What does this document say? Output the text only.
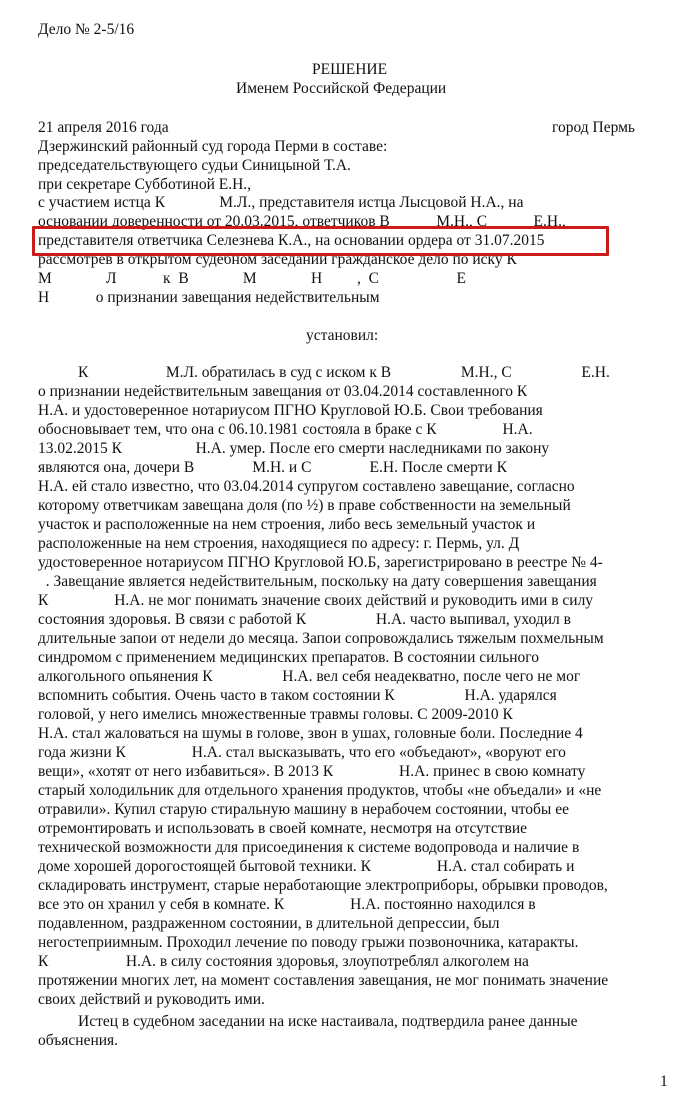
Дело № 2-5/16
РЕШЕНИЕ
Именем Российской Федерации
21 апреля 2016 года	город Пермь
Дзержинский районный суд города Перми в составе:
председательствующего судьи Синицыной Т.А.
при секретаре Субботиной Е.Н.,
с участием истца К              М.Л., представителя истца Лысцовой Н.А., на
основании доверенности от 20.03.2015, ответчиков В            М.Н., С            Е.Н.,
представителя ответчика Селезнева К.А., на основании ордера от 31.07.2015
рассмотрев в открытом судебном заседании гражданское дело по иску К
М              Л            к  В              М              Н         ,  С                    Е
Н            о признании завещания недействительным
установил:
К                    М.Л. обратилась в суд с иском к В                  М.Н., С                  Е.Н.
о признании недействительным завещания от 03.04.2014 составленного К
Н.А. и удостоверенное нотариусом ПГНО Кругловой Ю.Б. Свои требования
обосновывает тем, что она с 06.10.1981 состояла в браке с К                 Н.А.
13.02.2015 К                   Н.А. умер. После его смерти наследниками по закону
являются она, дочери В               М.Н. и С               Е.Н. После смерти К
Н.А. ей стало известно, что 03.04.2014 супругом составлено завещание, согласно
которому ответчикам завещана доля (по ½) в праве собственности на земельный
участок и расположенные на нем строения, либо весь земельный участок и
расположенные на нем строения, находящиеся по адресу: г. Пермь, ул. Д
удостоверенное нотариусом ПГНО Кругловой Ю.Б, зарегистрировано в реестре № 4-
. Завещание является недействительным, поскольку на дату совершения завещания
К                 Н.А. не мог понимать значение своих действий и руководить ими в силу
состояния здоровья. В связи с работой К                  Н.А. часто выпивал, уходил в
длительные запои от недели до месяца. Запои сопровождались тяжелым похмельным
синдромом с применением медицинских препаратов. В состоянии сильного
алкогольного опьянения К                  Н.А. вел себя неадекватно, после чего не мог
вспомнить события. Очень часто в таком состоянии К                  Н.А. ударялся
головой, у него имелись множественные травмы головы. С 2009-2010 К
Н.А. стал жаловаться на шумы в голове, звон в ушах, головные боли. Последние 4
года жизни К                 Н.А. стал высказывать, что его «объедают», «воруют его
вещи», «хотят от него избавиться». В 2013 К                 Н.А. принес в свою комнату
старый холодильник для отдельного хранения продуктов, чтобы «не объедали» и «не
отравили». Купил старую стиральную машину в нерабочем состоянии, чтобы ее
отремонтировать и использовать в своей комнате, несмотря на отсутствие
технической возможности для присоединения к системе водопровода и наличие в
доме хорошей дорогостоящей бытовой техники. К                 Н.А. стал собирать и
складировать инструмент, старые неработающие электроприборы, обрывки проводов,
все это он хранил у себя в комнате. К                 Н.А. постоянно находился в
подавленном, раздраженном состоянии, в длительной депрессии, был
негостеприимным. Проходил лечение по поводу грыжи позвоночника, катаракты.
К                    Н.А. в силу состояния здоровья, злоупотреблял алкоголем на
протяжении многих лет, на момент составления завещания, не мог понимать значение
своих действий и руководить ими.
Истец в судебном заседании на иске настаивала, подтвердила ранее данные
объяснения.
1
